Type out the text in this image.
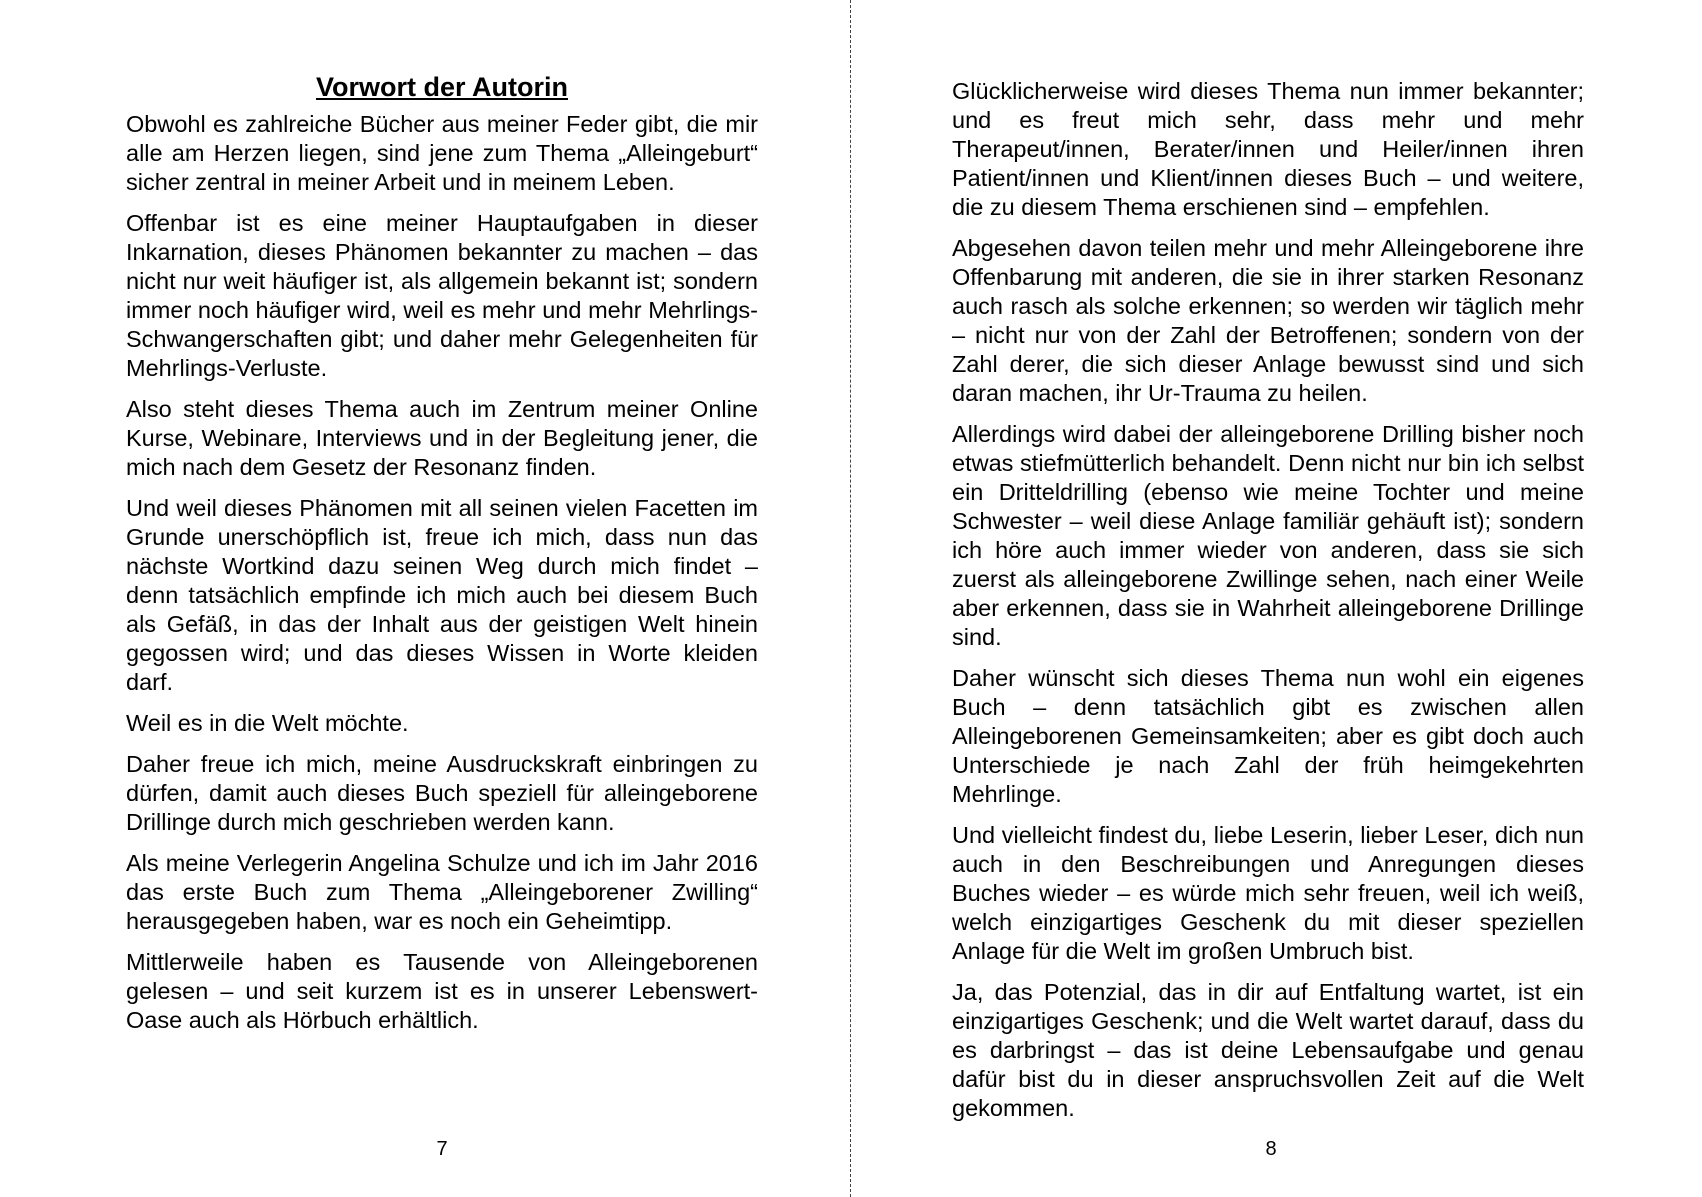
Vorwort der Autorin

Obwohl es zahlreiche Bücher aus meiner Feder gibt, die mir alle am Herzen liegen, sind jene zum Thema „Alleingeburt“ sicher zentral in meiner Arbeit und in meinem Leben.

Offenbar ist es eine meiner Hauptaufgaben in dieser Inkarnation, dieses Phänomen bekannter zu machen – das nicht nur weit häufiger ist, als allgemein bekannt ist; sondern immer noch häufiger wird, weil es mehr und mehr Mehrlings-Schwangerschaften gibt; und daher mehr Gelegenheiten für Mehrlings-Verluste.

Also steht dieses Thema auch im Zentrum meiner Online Kurse, Webinare, Interviews und in der Begleitung jener, die mich nach dem Gesetz der Resonanz finden.

Und weil dieses Phänomen mit all seinen vielen Facetten im Grunde unerschöpflich ist, freue ich mich, dass nun das nächste Wortkind dazu seinen Weg durch mich findet – denn tatsächlich empfinde ich mich auch bei diesem Buch als Gefäß, in das der Inhalt aus der geistigen Welt hinein gegossen wird; und das dieses Wissen in Worte kleiden darf.

Weil es in die Welt möchte.

Daher freue ich mich, meine Ausdruckskraft einbringen zu dürfen, damit auch dieses Buch speziell für alleingeborene Drillinge durch mich geschrieben werden kann.

Als meine Verlegerin Angelina Schulze und ich im Jahr 2016 das erste Buch zum Thema „Alleingeborener Zwilling“ herausgegeben haben, war es noch ein Geheimtipp.

Mittlerweile haben es Tausende von Alleingeborenen gelesen – und seit kurzem ist es in unserer Lebenswert-Oase auch als Hörbuch erhältlich.

7

Glücklicherweise wird dieses Thema nun immer bekannter; und es freut mich sehr, dass mehr und mehr Therapeut/innen, Berater/innen und Heiler/innen ihren Patient/innen und Klient/innen dieses Buch – und weitere, die zu diesem Thema erschienen sind – empfehlen.

Abgesehen davon teilen mehr und mehr Alleingeborene ihre Offenbarung mit anderen, die sie in ihrer starken Resonanz auch rasch als solche erkennen; so werden wir täglich mehr – nicht nur von der Zahl der Betroffenen; sondern von der Zahl derer, die sich dieser Anlage bewusst sind und sich daran machen, ihr Ur-Trauma zu heilen.

Allerdings wird dabei der alleingeborene Drilling bisher noch etwas stiefmütterlich behandelt. Denn nicht nur bin ich selbst ein Dritteldrilling (ebenso wie meine Tochter und meine Schwester – weil diese Anlage familiär gehäuft ist); sondern ich höre auch immer wieder von anderen, dass sie sich zuerst als alleingeborene Zwillinge sehen, nach einer Weile aber erkennen, dass sie in Wahrheit alleingeborene Drillinge sind.

Daher wünscht sich dieses Thema nun wohl ein eigenes Buch – denn tatsächlich gibt es zwischen allen Alleingeborenen Gemeinsamkeiten; aber es gibt doch auch Unterschiede je nach Zahl der früh heimgekehrten Mehrlinge.

Und vielleicht findest du, liebe Leserin, lieber Leser, dich nun auch in den Beschreibungen und Anregungen dieses Buches wieder – es würde mich sehr freuen, weil ich weiß, welch einzigartiges Geschenk du mit dieser speziellen Anlage für die Welt im großen Umbruch bist.

Ja, das Potenzial, das in dir auf Entfaltung wartet, ist ein einzigartiges Geschenk; und die Welt wartet darauf, dass du es darbringst – das ist deine Lebensaufgabe und genau dafür bist du in dieser anspruchsvollen Zeit auf die Welt gekommen.

8
